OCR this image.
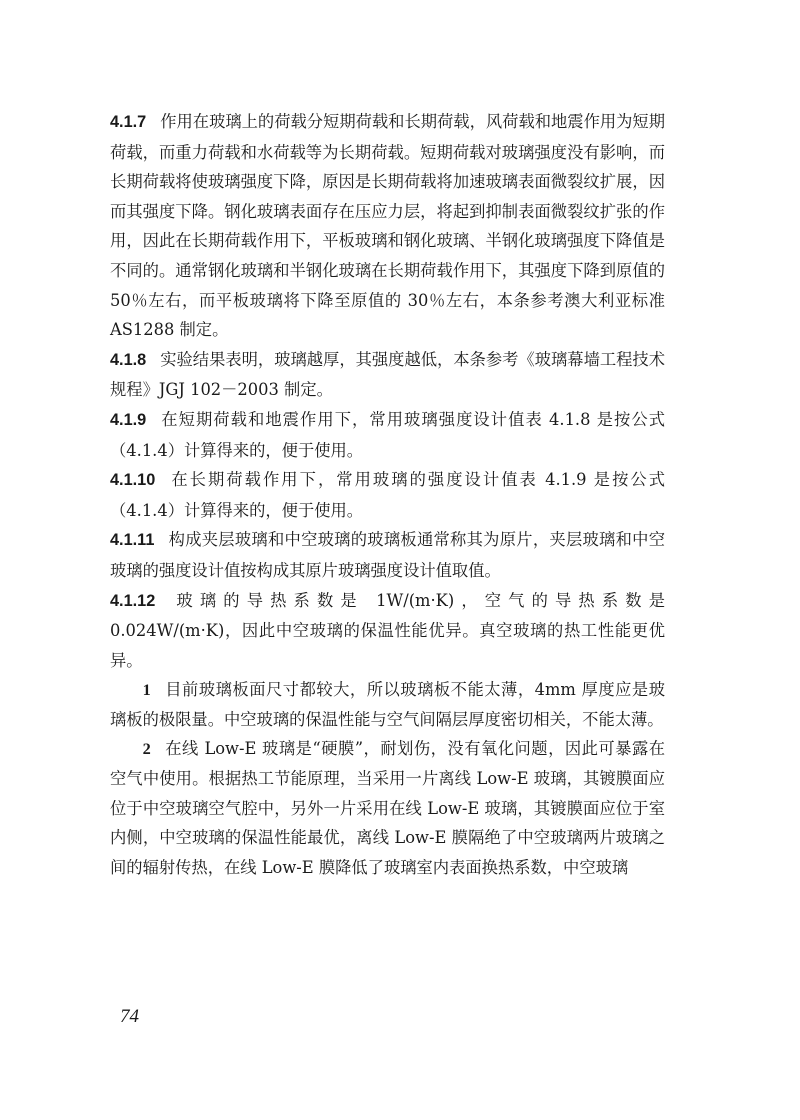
4.1.7 作用在玻璃上的荷载分短期荷载和长期荷载，风荷载和地震作用为短期荷载，而重力荷载和水荷载等为长期荷载。短期荷载对玻璃强度没有影响，而长期荷载将使玻璃强度下降，原因是长期荷载将加速玻璃表面微裂纹扩展，因而其强度下降。钢化玻璃表面存在压应力层，将起到抑制表面微裂纹扩张的作用，因此在长期荷载作用下，平板玻璃和钢化玻璃、半钢化玻璃强度下降值是不同的。通常钢化玻璃和半钢化玻璃在长期荷载作用下，其强度下降到原值的 50％左右，而平板玻璃将下降至原值的 30％左右，本条参考澳大利亚标准 AS1288 制定。

4.1.8 实验结果表明，玻璃越厚，其强度越低，本条参考《玻璃幕墙工程技术规程》JGJ 102－2003 制定。

4.1.9 在短期荷载和地震作用下，常用玻璃强度设计值表 4.1.8 是按公式（4.1.4）计算得来的，便于使用。

4.1.10 在长期荷载作用下，常用玻璃的强度设计值表 4.1.9 是按公式（4.1.4）计算得来的，便于使用。

4.1.11 构成夹层玻璃和中空玻璃的玻璃板通常称其为原片，夹层玻璃和中空玻璃的强度设计值按构成其原片玻璃强度设计值取值。

4.1.12 玻璃的导热系数是 1W/(m·K)，空气的导热系数是 0.024W/(m·K)，因此中空玻璃的保温性能优异。真空玻璃的热工性能更优异。

1 目前玻璃板面尺寸都较大，所以玻璃板不能太薄，4mm 厚度应是玻璃板的极限量。中空玻璃的保温性能与空气间隔层厚度密切相关，不能太薄。

2 在线 Low-E 玻璃是“硬膜”，耐划伤，没有氧化问题，因此可暴露在空气中使用。根据热工节能原理，当采用一片离线 Low-E 玻璃，其镀膜面应位于中空玻璃空气腔中，另外一片采用在线 Low-E 玻璃，其镀膜面应位于室内侧，中空玻璃的保温性能最优，离线 Low-E 膜隔绝了中空玻璃两片玻璃之间的辐射传热，在线 Low-E 膜降低了玻璃室内表面换热系数，中空玻璃

74
